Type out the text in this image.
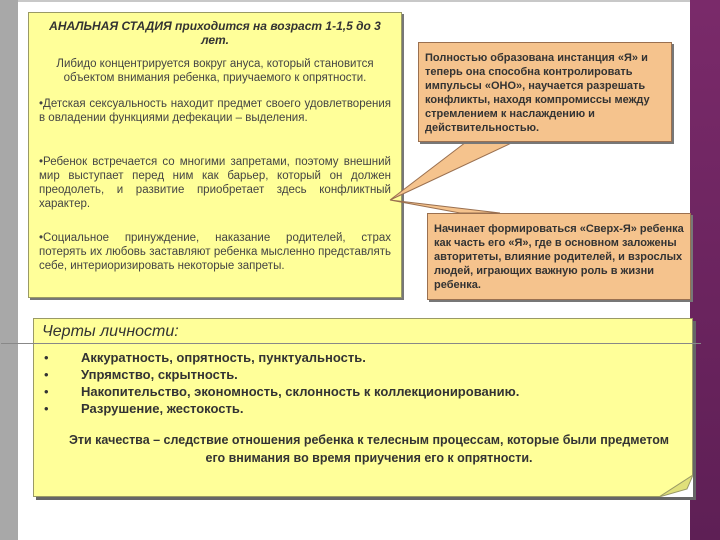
АНАЛЬНАЯ СТАДИЯ приходится на возраст 1-1,5 до 3 лет.
Либидо концентрируется вокруг ануса, который становится объектом внимания ребенка, приучаемого к опрятности.
•Детская сексуальность находит предмет своего удовлетворения в овладении функциями дефекации – выделения.
•Ребенок встречается со многими запретами, поэтому внешний мир выступает перед ним как барьер, который он должен преодолеть, и развитие приобретает здесь конфликтный характер.
•Социальное принуждение, наказание родителей, страх потерять их любовь заставляют ребенка мысленно представлять себе, интериоризировать некоторые запреты.
Полностью образована инстанция «Я» и теперь она способна контролировать импульсы «ОНО», научается разрешать конфликты, находя компромиссы между стремлением к наслаждению и действительностью.
Начинает формироваться «Сверх-Я» ребенка как часть его «Я», где в основном заложены авторитеты, влияние родителей, и взрослых людей, играющих важную роль в жизни ребенка.
Черты личности:
• Аккуратность, опрятность, пунктуальность.
• Упрямство, скрытность.
• Накопительство, экономность, склонность к коллекционированию.
• Разрушение, жестокость.
Эти качества – следствие отношения ребенка к телесным процессам, которые были предметом его внимания во время приучения его к опрятности.
